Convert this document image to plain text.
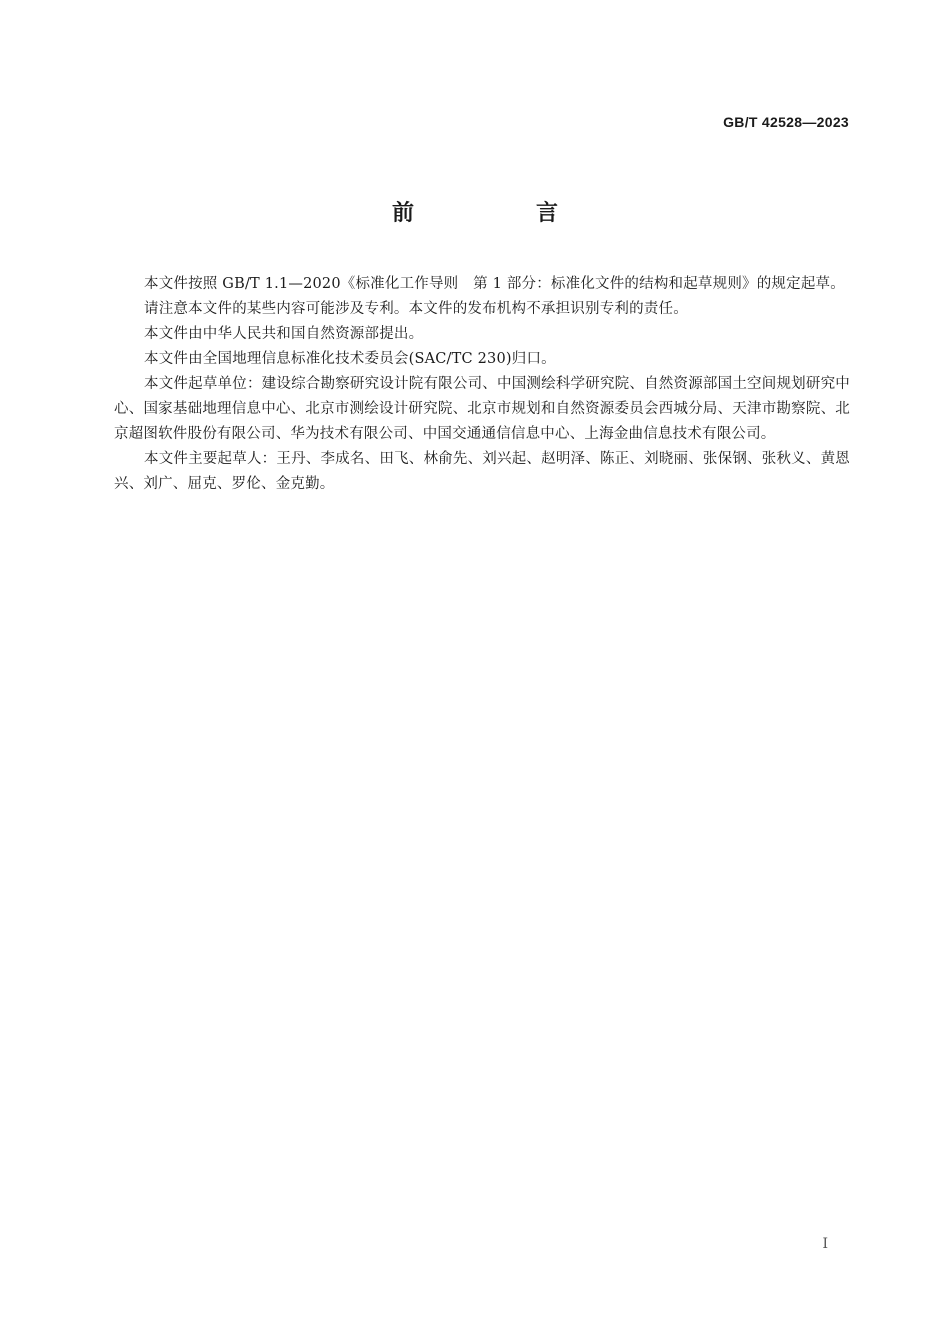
GB/T 42528—2023
前　言

本文件按照 GB/T 1.1—2020《标准化工作导则　第 1 部分：标准化文件的结构和起草规则》的规定起草。

请注意本文件的某些内容可能涉及专利。本文件的发布机构不承担识别专利的责任。

本文件由中华人民共和国自然资源部提出。

本文件由全国地理信息标准化技术委员会(SAC/TC 230)归口。

本文件起草单位：建设综合勘察研究设计院有限公司、中国测绘科学研究院、自然资源部国土空间规划研究中心、国家基础地理信息中心、北京市测绘设计研究院、北京市规划和自然资源委员会西城分局、天津市勘察院、北京超图软件股份有限公司、华为技术有限公司、中国交通通信信息中心、上海金曲信息技术有限公司。

本文件主要起草人：王丹、李成名、田飞、林俞先、刘兴起、赵明泽、陈正、刘晓丽、张保钢、张秋义、黄恩兴、刘广、屈克、罗伦、金克勤。

I
